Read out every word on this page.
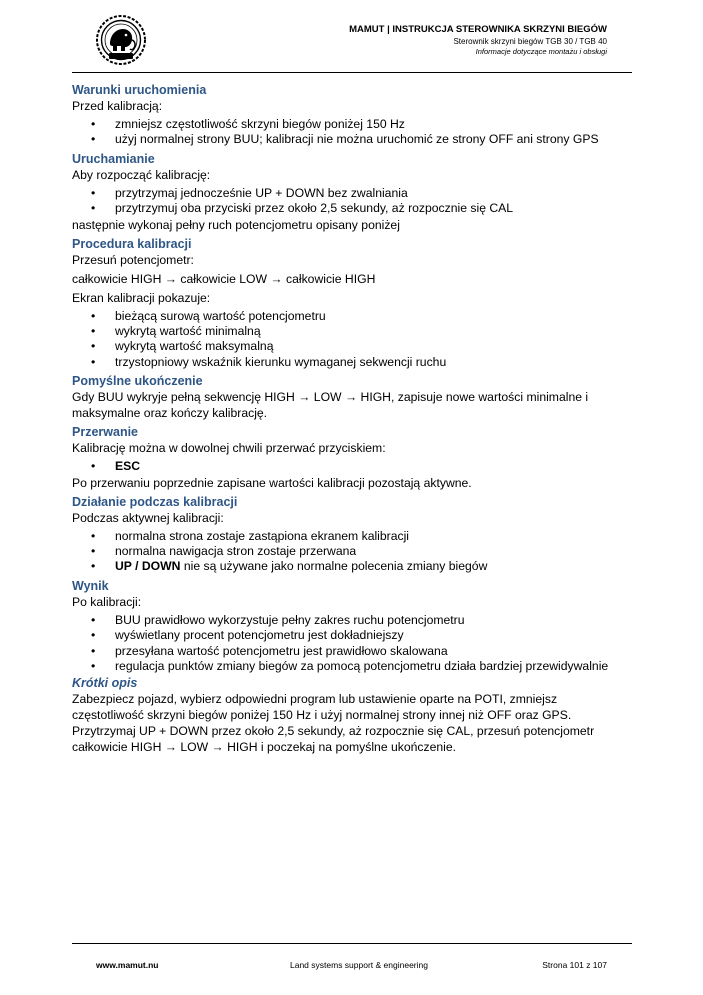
MAMUT | INSTRUKCJA STEROWNIKA SKRZYNI BIEGÓW
Sterownik skrzyni biegów TGB 30 / TGB 40
Informacje dotyczące montażu i obsługi
Warunki uruchomienia

Przed kalibracją:

• zmniejsz częstotliwość skrzyni biegów poniżej 150 Hz
• użyj normalnej strony BUU; kalibracji nie można uruchomić ze strony OFF ani strony GPS
Uruchamianie

Aby rozpocząć kalibrację:

• przytrzymaj jednocześnie UP + DOWN bez zwalniania
• przytrzymuj oba przyciski przez około 2,5 sekundy, aż rozpocznie się CAL

następnie wykonaj pełny ruch potencjometru opisany poniżej

Procedura kalibracji

Przesuń potencjometr:

całkowicie HIGH → całkowicie LOW → całkowicie HIGH

Ekran kalibracji pokazuje:

• bieżącą surową wartość potencjometru
• wykrytą wartość minimalną
• wykrytą wartość maksymalną
• trzystopniowy wskaźnik kierunku wymaganej sekwencji ruchu
Pomyślne ukończenie

Gdy BUU wykryje pełną sekwencję HIGH → LOW → HIGH, zapisuje nowe wartości minimalne i maksymalne oraz kończy kalibrację.

Przerwanie

Kalibrację można w dowolnej chwili przerwać przyciskiem:

• ESC

Po przerwaniu poprzednie zapisane wartości kalibracji pozostają aktywne.

Działanie podczas kalibracji

Podczas aktywnej kalibracji:

• normalna strona zostaje zastąpiona ekranem kalibracji
• normalna nawigacja stron zostaje przerwana
• UP / DOWN nie są używane jako normalne polecenia zmiany biegów
Wynik

Po kalibracji:

• BUU prawidłowo wykorzystuje pełny zakres ruchu potencjometru
• wyświetlany procent potencjometru jest dokładniejszy
• przesyłana wartość potencjometru jest prawidłowo skalowana
• regulacja punktów zmiany biegów za pomocą potencjometru działa bardziej przewidywalnie
Krótki opis

Zabezpiecz pojazd, wybierz odpowiedni program lub ustawienie oparte na POTI, zmniejsz częstotliwość skrzyni biegów poniżej 150 Hz i użyj normalnej strony innej niż OFF oraz GPS. Przytrzymaj UP + DOWN przez około 2,5 sekundy, aż rozpocznie się CAL, przesuń potencjometr całkowicie HIGH → LOW → HIGH i poczekaj na pomyślne ukończenie.

www.mamut.nu	Land systems support & engineering	Strona 101 z 107
